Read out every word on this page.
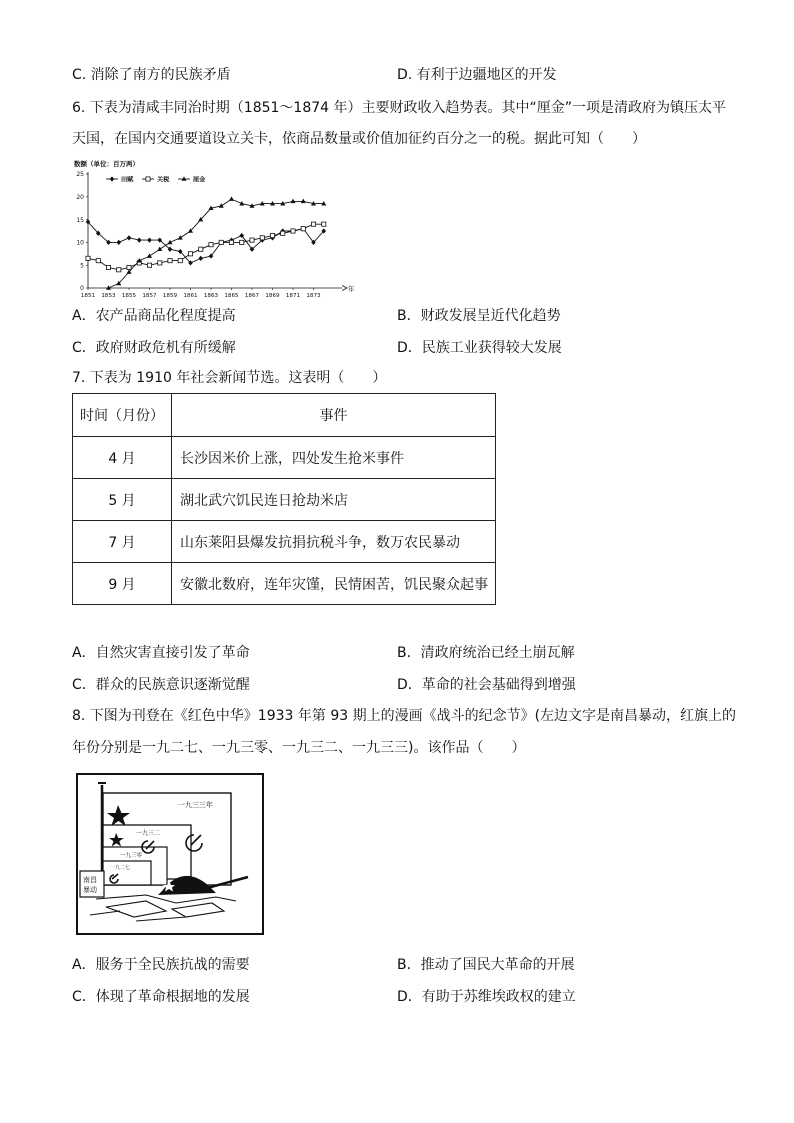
C. 消除了南方的民族矛盾	D. 有利于边疆地区的开发
6. 下表为清咸丰同治时期（1851～1874 年）主要财政收入趋势表。其中“厘金”一项是清政府为镇压太平
天国，在国内交通要道设立关卡，依商品数量或价值加征约百分之一的税。据此可知（　　）
数额（单位：百万两）
田赋	关税	厘金
年
0
5
10
15
20
25
1851 1853 1855 1857 1859 1861 1863 1865 1867 1869 1871 1873
A．农产品商品化程度提高	B．财政发展呈近代化趋势
C．政府财政危机有所缓解	D．民族工业获得较大发展
7. 下表为 1910 年社会新闻节选。这表明（　　）
时间（月份）	事件
4 月	长沙因米价上涨，四处发生抢米事件
5 月	湖北武穴饥民连日抢劫米店
7 月	山东莱阳县爆发抗捐抗税斗争，数万农民暴动
9 月	安徽北数府，连年灾馑，民情困苦，饥民聚众起事
A．自然灾害直接引发了革命	B．清政府统治已经土崩瓦解
C．群众的民族意识逐渐觉醒	D．革命的社会基础得到增强
8. 下图为刊登在《红色中华》1933 年第 93 期上的漫画《战斗的纪念节》(左边文字是南昌暴动，红旗上的
年份分别是一九二七、一九三零、一九三二、一九三三)。该作品（　　）
一九三三年
一九三二
一九三零
一九二七
南昌暴动
A．服务于全民族抗战的需要	B．推动了国民大革命的开展
C．体现了革命根据地的发展	D．有助于苏维埃政权的建立
